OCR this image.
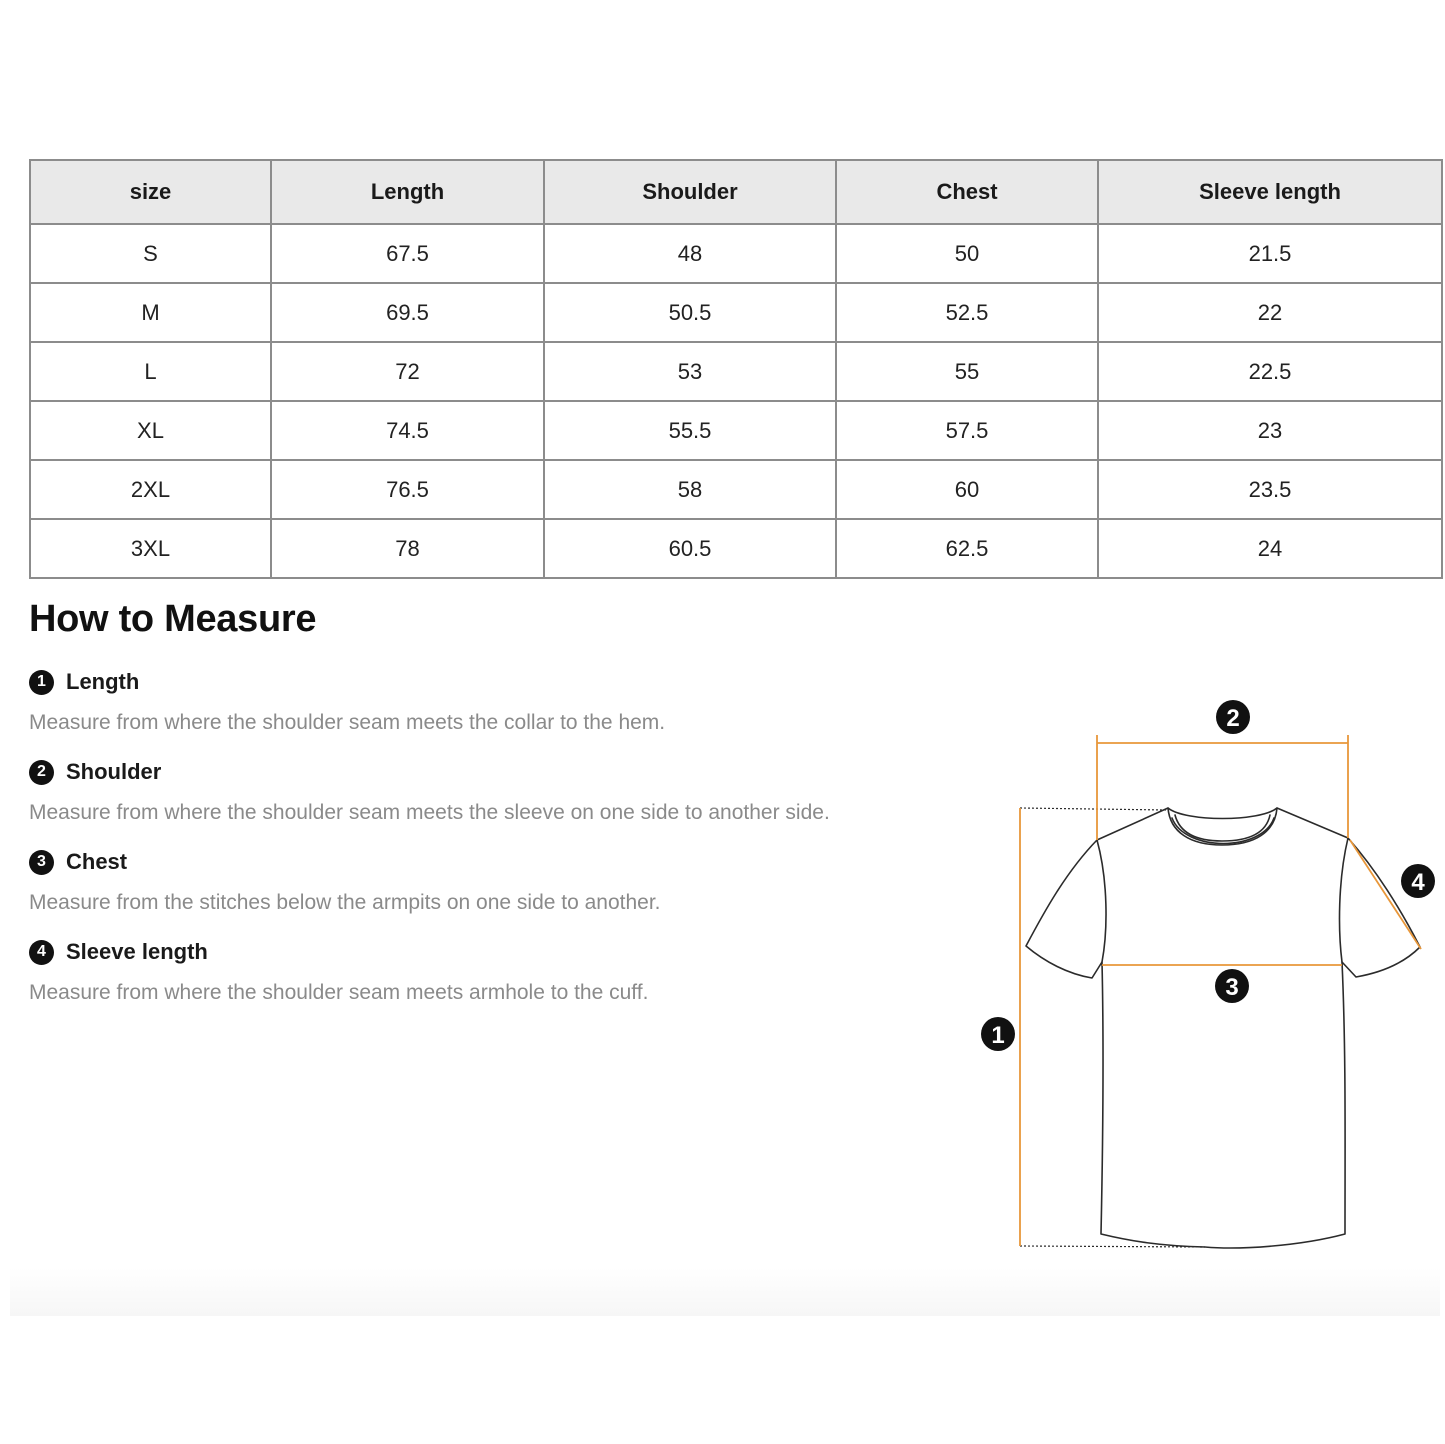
size	Length	Shoulder	Chest	Sleeve length
S	67.5	48	50	21.5
M	69.5	50.5	52.5	22
L	72	53	55	22.5
XL	74.5	55.5	57.5	23
2XL	76.5	58	60	23.5
3XL	78	60.5	62.5	24
How to Measure
1 Length
Measure from where the shoulder seam meets the collar to the hem.
2 Shoulder
Measure from where the shoulder seam meets the sleeve on one side to another side.
3 Chest
Measure from the stitches below the armpits on one side to another.
4 Sleeve length
Measure from where the shoulder seam meets armhole to the cuff.
1
2
3
4
